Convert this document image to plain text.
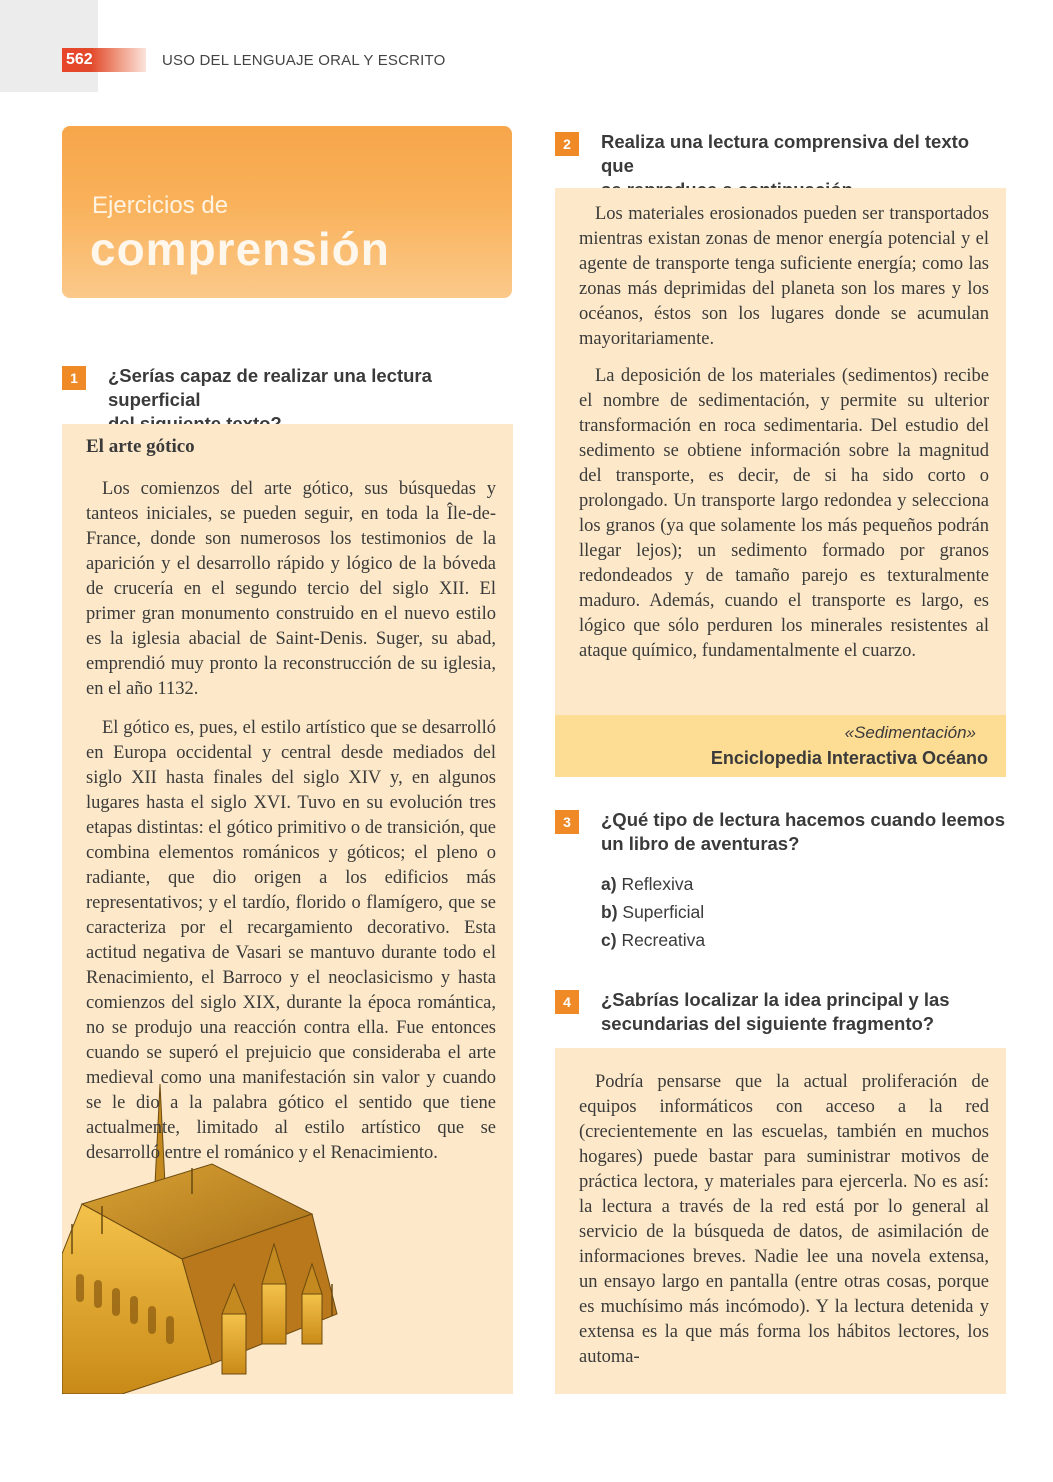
562	USO DEL LENGUAJE ORAL Y ESCRITO
Ejercicios de
comprensión
1	¿Serías capaz de realizar una lectura superficial
El arte gótico

Los comienzos del arte gótico, sus búsquedas y tanteos iniciales, se pueden seguir, en toda la Île-de-France, donde son numerosos los testimonios de la aparición y el desarrollo rápido y lógico de la bóveda de crucería en el segundo tercio del siglo XII. El primer gran monumento construido en el nuevo estilo es la iglesia abacial de Saint-Denis. Suger, su abad, emprendió muy pronto la reconstrucción de su iglesia, en el año 1132.

El gótico es, pues, el estilo artístico que se desarrolló en Europa occidental y central desde mediados del siglo XII hasta finales del siglo XIV y, en algunos lugares hasta el siglo XVI. Tuvo en su evolución tres etapas distintas: el gótico primitivo o de transición, que combina elementos románicos y góticos; el pleno o radiante, que dio origen a los edificios más representativos; y el tardío, florido o flamígero, que se caracteriza por el recargamiento decorativo. Esta actitud negativa de Vasari se mantuvo durante todo el Renacimiento, el Barroco y el neoclasicismo y hasta comienzos del siglo XIX, durante la época romántica, no se produjo una reacción contra ella. Fue entonces cuando se superó el prejuicio que consideraba el arte medieval como una manifestación sin valor y cuando se le dio a la palabra gótico el sentido que tiene actualmente, limitado al estilo artístico que se desarrolló entre el románico y el Renacimiento.

2	Realiza una lectura comprensiva del texto que

Los materiales erosionados pueden ser transportados mientras existan zonas de menor energía potencial y el agente de transporte tenga suficiente energía; como las zonas más deprimidas del planeta son los mares y los océanos, éstos son los lugares donde se acumulan mayoritariamente.

La deposición de los materiales (sedimentos) recibe el nombre de sedimentación, y permite su ulterior transformación en roca sedimentaria. Del estudio del sedimento se obtiene información sobre la magnitud del transporte, es decir, de si ha sido corto o prolongado. Un transporte largo redondea y selecciona los granos (ya que solamente los más pequeños podrán llegar lejos); un sedimento formado por granos redondeados y de tamaño parejo es texturalmente maduro. Además, cuando el transporte es largo, es lógico que sólo perduren los minerales resistentes al ataque químico, fundamentalmente el cuarzo.

«Sedimentación»
Enciclopedia Interactiva Océano
3	¿Qué tipo de lectura hacemos cuando leemos
un libro de aventuras?
a) Reflexiva
b) Superficial
c) Recreativa
4	¿Sabrías localizar la idea principal y las
secundarias del siguiente fragmento?

Podría pensarse que la actual proliferación de equipos informáticos con acceso a la red (crecientemente en las escuelas, también en muchos hogares) puede bastar para suministrar motivos de práctica lectora, y materiales para ejercerla. No es así: la lectura a través de la red está por lo general al servicio de la búsqueda de datos, de asimilación de informaciones breves. Nadie lee una novela extensa, un ensayo largo en pantalla (entre otras cosas, porque es muchísimo más incómodo). Y la lectura detenida y extensa es la que más forma los hábitos lectores, los automa-
